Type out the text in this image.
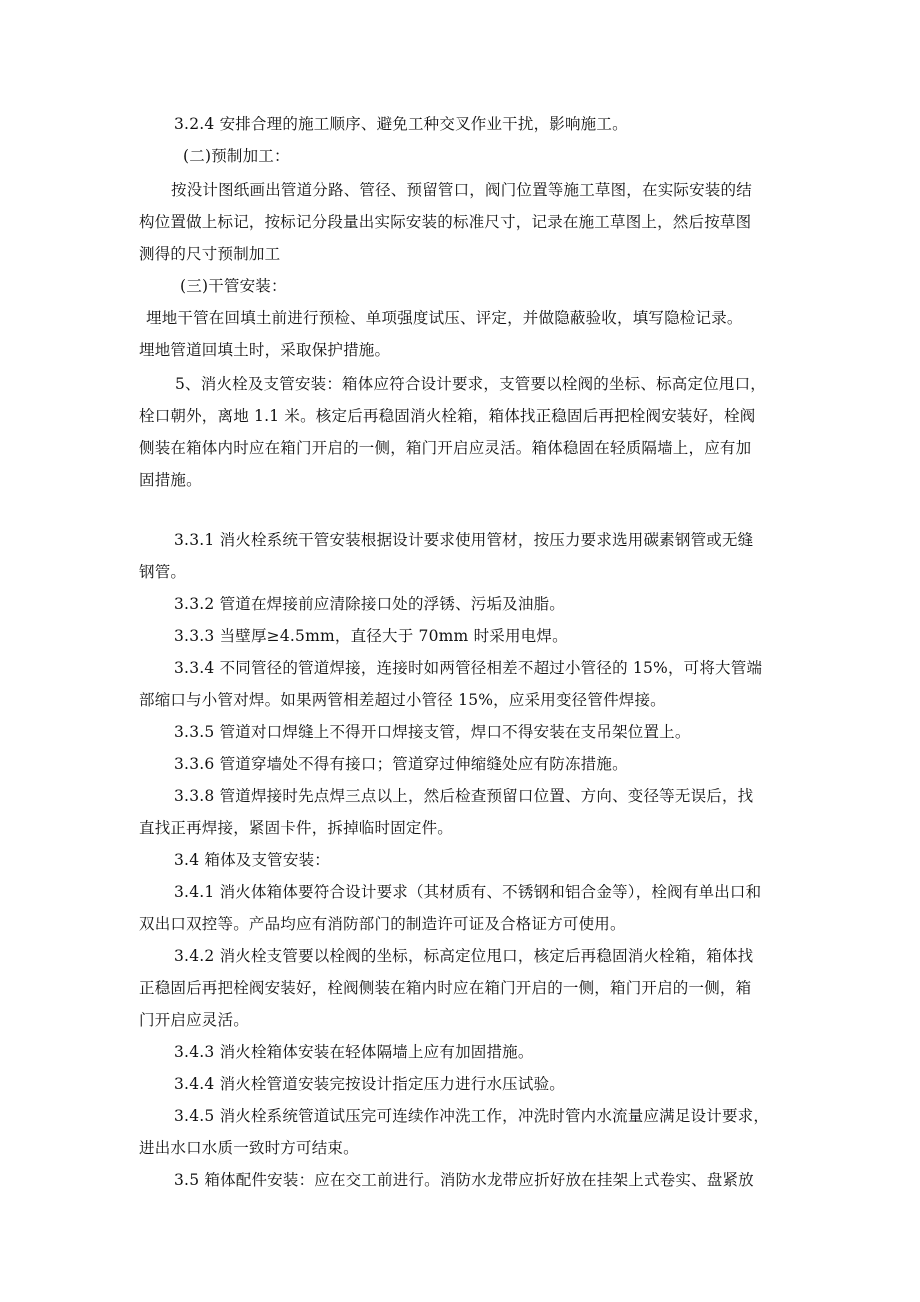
3.2.4 安排合理的施工顺序、避免工种交叉作业干扰，影响施工。
(二)预制加工：
按没计图纸画出管道分路、管径、预留管口，阀门位置等施工草图，在实际安装的结
构位置做上标记，按标记分段量出实际安装的标准尺寸，记录在施工草图上，然后按草图
测得的尺寸预制加工
(三)干管安装：
埋地干管在回填土前进行预检、单项强度试压、评定，并做隐蔽验收，填写隐检记录。
埋地管道回填土时，采取保护措施。
5、消火栓及支管安装：箱体应符合设计要求，支管要以栓阀的坐标、标高定位甩口，
栓口朝外，离地 1.1 米。核定后再稳固消火栓箱，箱体找正稳固后再把栓阀安装好，栓阀
侧装在箱体内时应在箱门开启的一侧，箱门开启应灵活。箱体稳固在轻质隔墙上，应有加
固措施。
3.3.1 消火栓系统干管安装根据设计要求使用管材，按压力要求选用碳素钢管或无缝
钢管。
3.3.2 管道在焊接前应清除接口处的浮锈、污垢及油脂。
3.3.3 当壁厚≥4.5mm，直径大于 70mm 时采用电焊。
3.3.4 不同管径的管道焊接，连接时如两管径相差不超过小管径的 15%，可将大管端
部缩口与小管对焊。如果两管相差超过小管径 15%，应采用变径管件焊接。
3.3.5 管道对口焊缝上不得开口焊接支管，焊口不得安装在支吊架位置上。
3.3.6 管道穿墙处不得有接口；管道穿过伸缩缝处应有防冻措施。
3.3.8 管道焊接时先点焊三点以上，然后检查预留口位置、方向、变径等无误后，找
直找正再焊接，紧固卡件，拆掉临时固定件。
3.4 箱体及支管安装：
3.4.1 消火体箱体要符合设计要求（其材质有、不锈钢和铝合金等），栓阀有单出口和
双出口双控等。产品均应有消防部门的制造许可证及合格证方可使用。
3.4.2 消火栓支管要以栓阀的坐标，标高定位甩口，核定后再稳固消火栓箱，箱体找
正稳固后再把栓阀安装好，栓阀侧装在箱内时应在箱门开启的一侧，箱门开启的一侧，箱
门开启应灵活。
3.4.3 消火栓箱体安装在轻体隔墙上应有加固措施。
3.4.4 消火栓管道安装完按设计指定压力进行水压试验。
3.4.5 消火栓系统管道试压完可连续作冲洗工作，冲洗时管内水流量应满足设计要求，
进出水口水质一致时方可结束。
3.5 箱体配件安装：应在交工前进行。消防水龙带应折好放在挂架上式卷实、盘紧放
